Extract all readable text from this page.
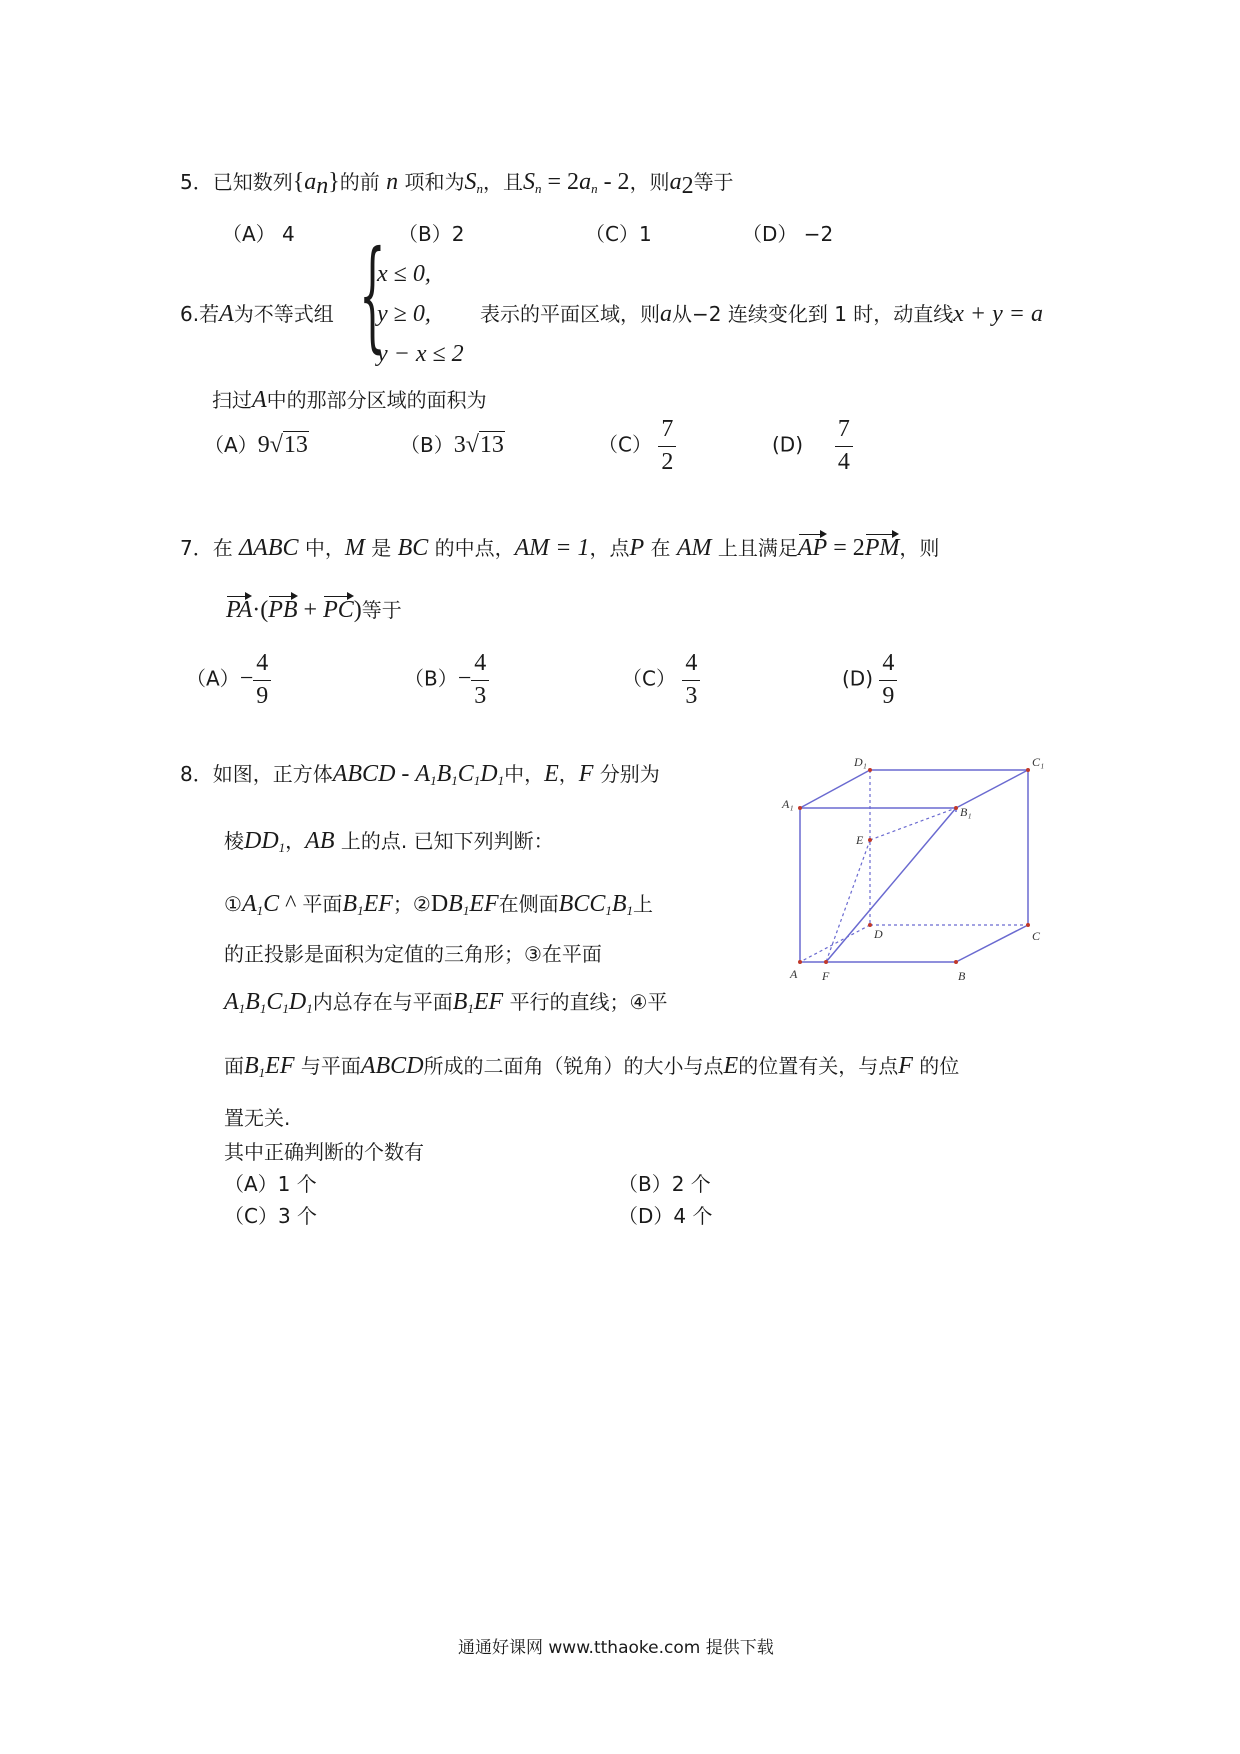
5．已知数列$\{a_n\}$的前 n 项和为$S_n$，且$S_n = 2a_n - 2$，则$a_2$等于
（A） 4	（B）2	（C）1	（D） −2
6.若A为不等式组 {
x ≤ 0,
y ≥ 0,
y − x ≤ 2
表示的平面区域，则a从−2 连续变化到 1 时，动直线x + y = a
扫过A中的那部分区域的面积为
（A）9√13	（B）3√13	$(C) \frac{7}{2}$	$(D) \frac{7}{4}$
7．在 ΔABC 中，M 是 BC 的中点，AM = 1，点P 在 AM 上且满足AP = 2PM，则
PA·(PB + PC)等于
$(A)- \frac{4}{9}$	$(B)- \frac{4}{3}$	$(C) \frac{4}{3}$	$(D) \frac{4}{9}$
8．如图，正方体ABCD - $A_1B_1C_1D_1$中，E，F 分别为
棱$DD_1$，AB 上的点. 已知下列判断：
$①A_1C$ ^ 平面$B_1EF$；$②DB_1EF$在侧面$BCC_1B_1$上
的正投影是面积为定值的三角形；③在平面
$A_1B_1C_1D_1$内总存在与平面$B_1EF$ 平行的直线；④平
面$B_1EF$ 与平面ABCD所成的二面角（锐角）的大小与点E的位置有关，与点F 的位
置无关.
其中正确判断的个数有
（A）1 个	（B）2 个
（C）3 个	（D）4 个
D₁	C₁
A₁
B₁
E
D	C
A F	B
通通好课网 www.tthaoke.com 提供下载
